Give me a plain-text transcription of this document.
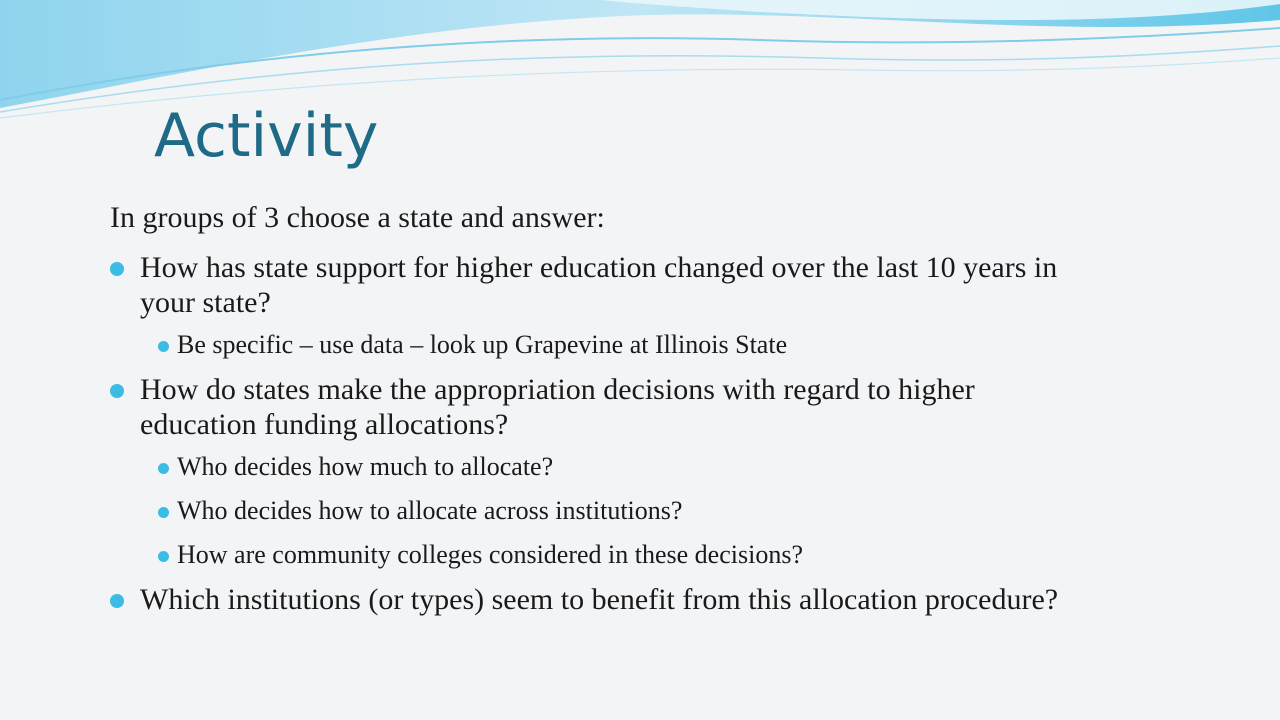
Activity

In groups of 3 choose a state and answer:

How has state support for higher education changed over the last 10 years in your state?
Be specific – use data – look up Grapevine at Illinois State
How do states make the appropriation decisions with regard to higher education funding allocations?
Who decides how much to allocate?
Who decides how to allocate across institutions?
How are community colleges considered in these decisions?
Which institutions (or types) seem to benefit from this allocation procedure?
